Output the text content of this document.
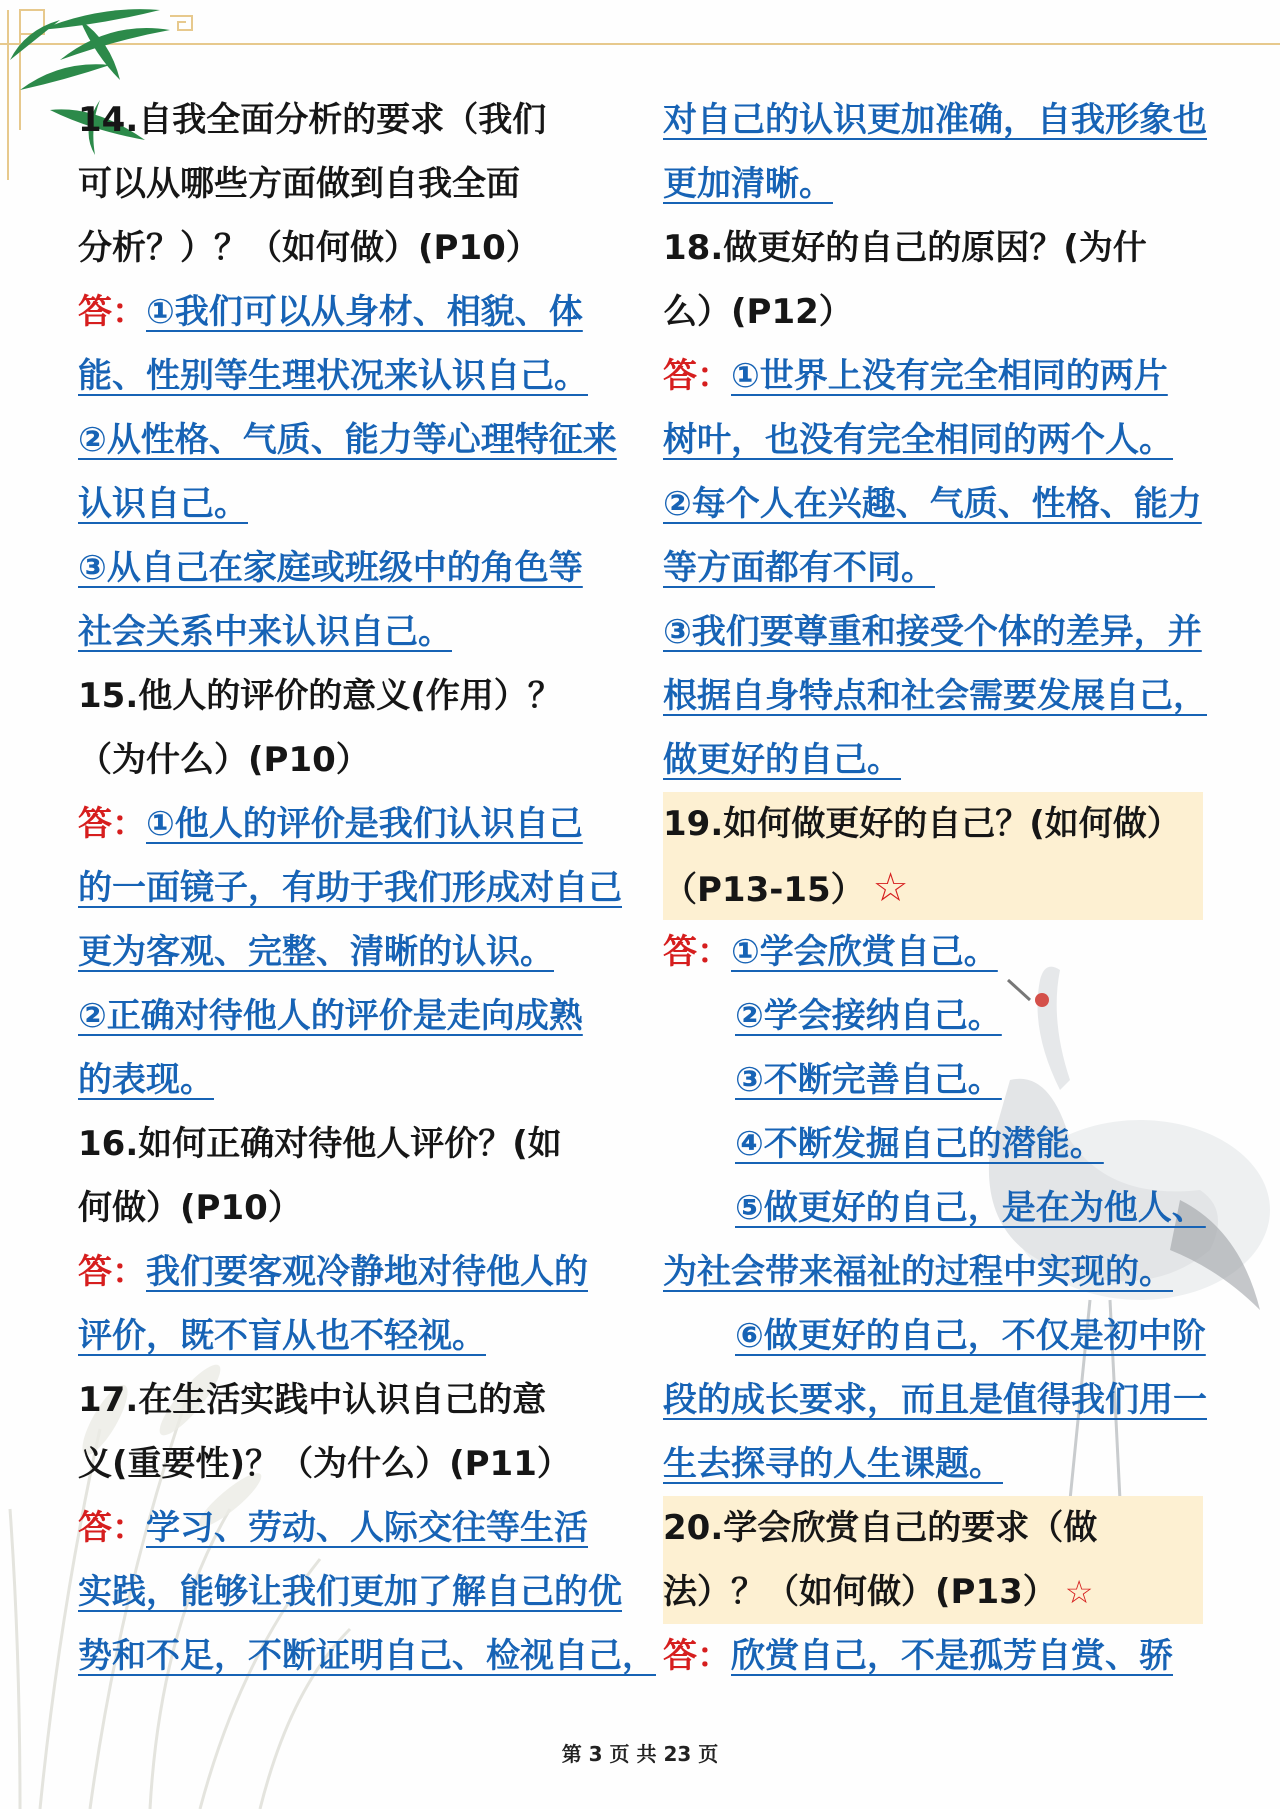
14.自我全面分析的要求（我们
可以从哪些方面做到自我全面
分析？）？（如何做）(P10）
答：①我们可以从身材、相貌、体
能、性别等生理状况来认识自己。
②从性格、气质、能力等心理特征来
认识自己。
③从自己在家庭或班级中的角色等
社会关系中来认识自己。
15.他人的评价的意义(作用）？
（为什么）(P10）
答：①他人的评价是我们认识自己
的一面镜子，有助于我们形成对自己
更为客观、完整、清晰的认识。
②正确对待他人的评价是走向成熟
的表现。
16.如何正确对待他人评价？(如
何做）(P10）
答：我们要客观冷静地对待他人的
评价，既不盲从也不轻视。
17.在生活实践中认识自己的意
义(重要性)？（为什么）(P11）
答：学习、劳动、人际交往等生活
实践，能够让我们更加了解自己的优
势和不足，不断证明自己、检视自己，
对自己的认识更加准确，自我形象也
更加清晰。
18.做更好的自己的原因？(为什
么）(P12）
答：①世界上没有完全相同的两片
树叶，也没有完全相同的两个人。
②每个人在兴趣、气质、性格、能力
等方面都有不同。
③我们要尊重和接受个体的差异，并
根据自身特点和社会需要发展自己，
做更好的自己。
19.如何做更好的自己？(如何做）
（P13-15） ☆
答：①学会欣赏自己。
②学会接纳自己。
③不断完善自己。
④不断发掘自己的潜能。
⑤做更好的自己，是在为他人、
为社会带来福祉的过程中实现的。
⑥做更好的自己，不仅是初中阶
段的成长要求，而且是值得我们用一
生去探寻的人生课题。
20.学会欣赏自己的要求（做
法）？（如何做）(P13） ☆
答：欣赏自己，不是孤芳自赏、骄
第 3 页 共 23 页
